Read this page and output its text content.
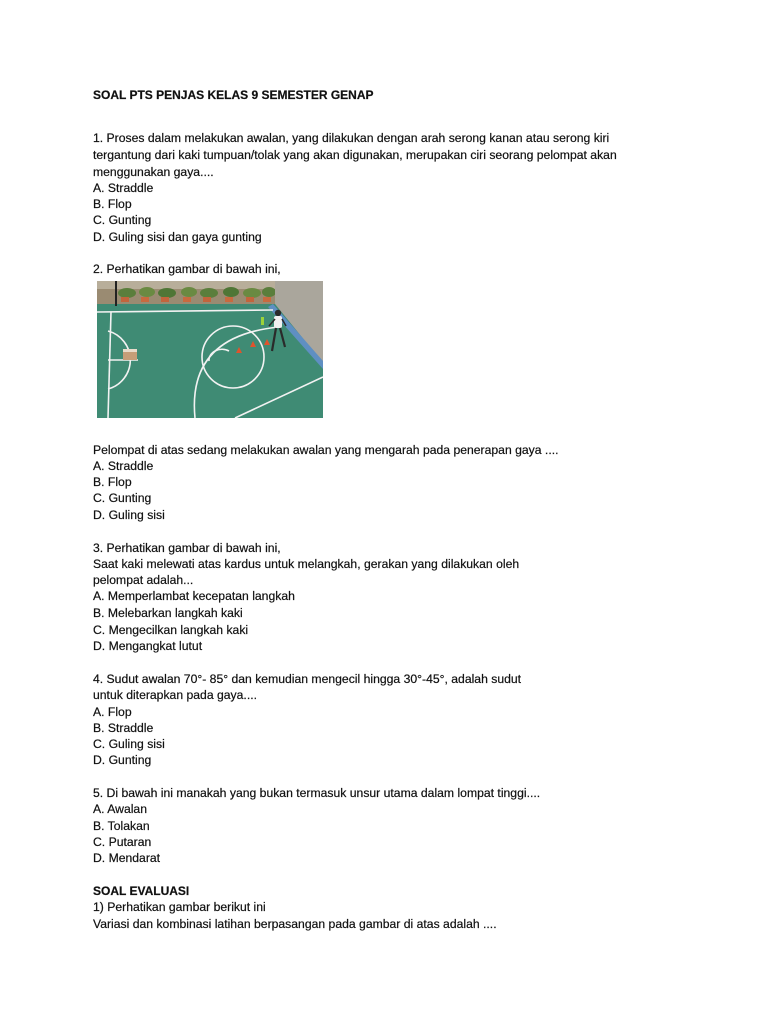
SOAL PTS PENJAS KELAS 9 SEMESTER GENAP
1. Proses dalam melakukan awalan, yang dilakukan dengan arah serong kanan atau serong kiri
tergantung dari kaki tumpuan/tolak yang akan digunakan, merupakan ciri seorang pelompat akan
menggunakan gaya....
A. Straddle
B. Flop
C. Gunting
D. Guling sisi dan gaya gunting
2. Perhatikan gambar di bawah ini,
Pelompat di atas sedang melakukan awalan yang mengarah pada penerapan gaya ....
A. Straddle
B. Flop
C. Gunting
D. Guling sisi
3. Perhatikan gambar di bawah ini,
Saat kaki melewati atas kardus untuk melangkah, gerakan yang dilakukan oleh
pelompat adalah...
A. Memperlambat kecepatan langkah
B. Melebarkan langkah kaki
C. Mengecilkan langkah kaki
D. Mengangkat lutut
4. Sudut awalan 70°- 85° dan kemudian mengecil hingga 30°-45°, adalah sudut
untuk diterapkan pada gaya....
A. Flop
B. Straddle
C. Guling sisi
D. Gunting
5. Di bawah ini manakah yang bukan termasuk unsur utama dalam lompat tinggi....
A. Awalan
B. Tolakan
C. Putaran
D. Mendarat
SOAL EVALUASI
1) Perhatikan gambar berikut ini
Variasi dan kombinasi latihan berpasangan pada gambar di atas adalah ....
